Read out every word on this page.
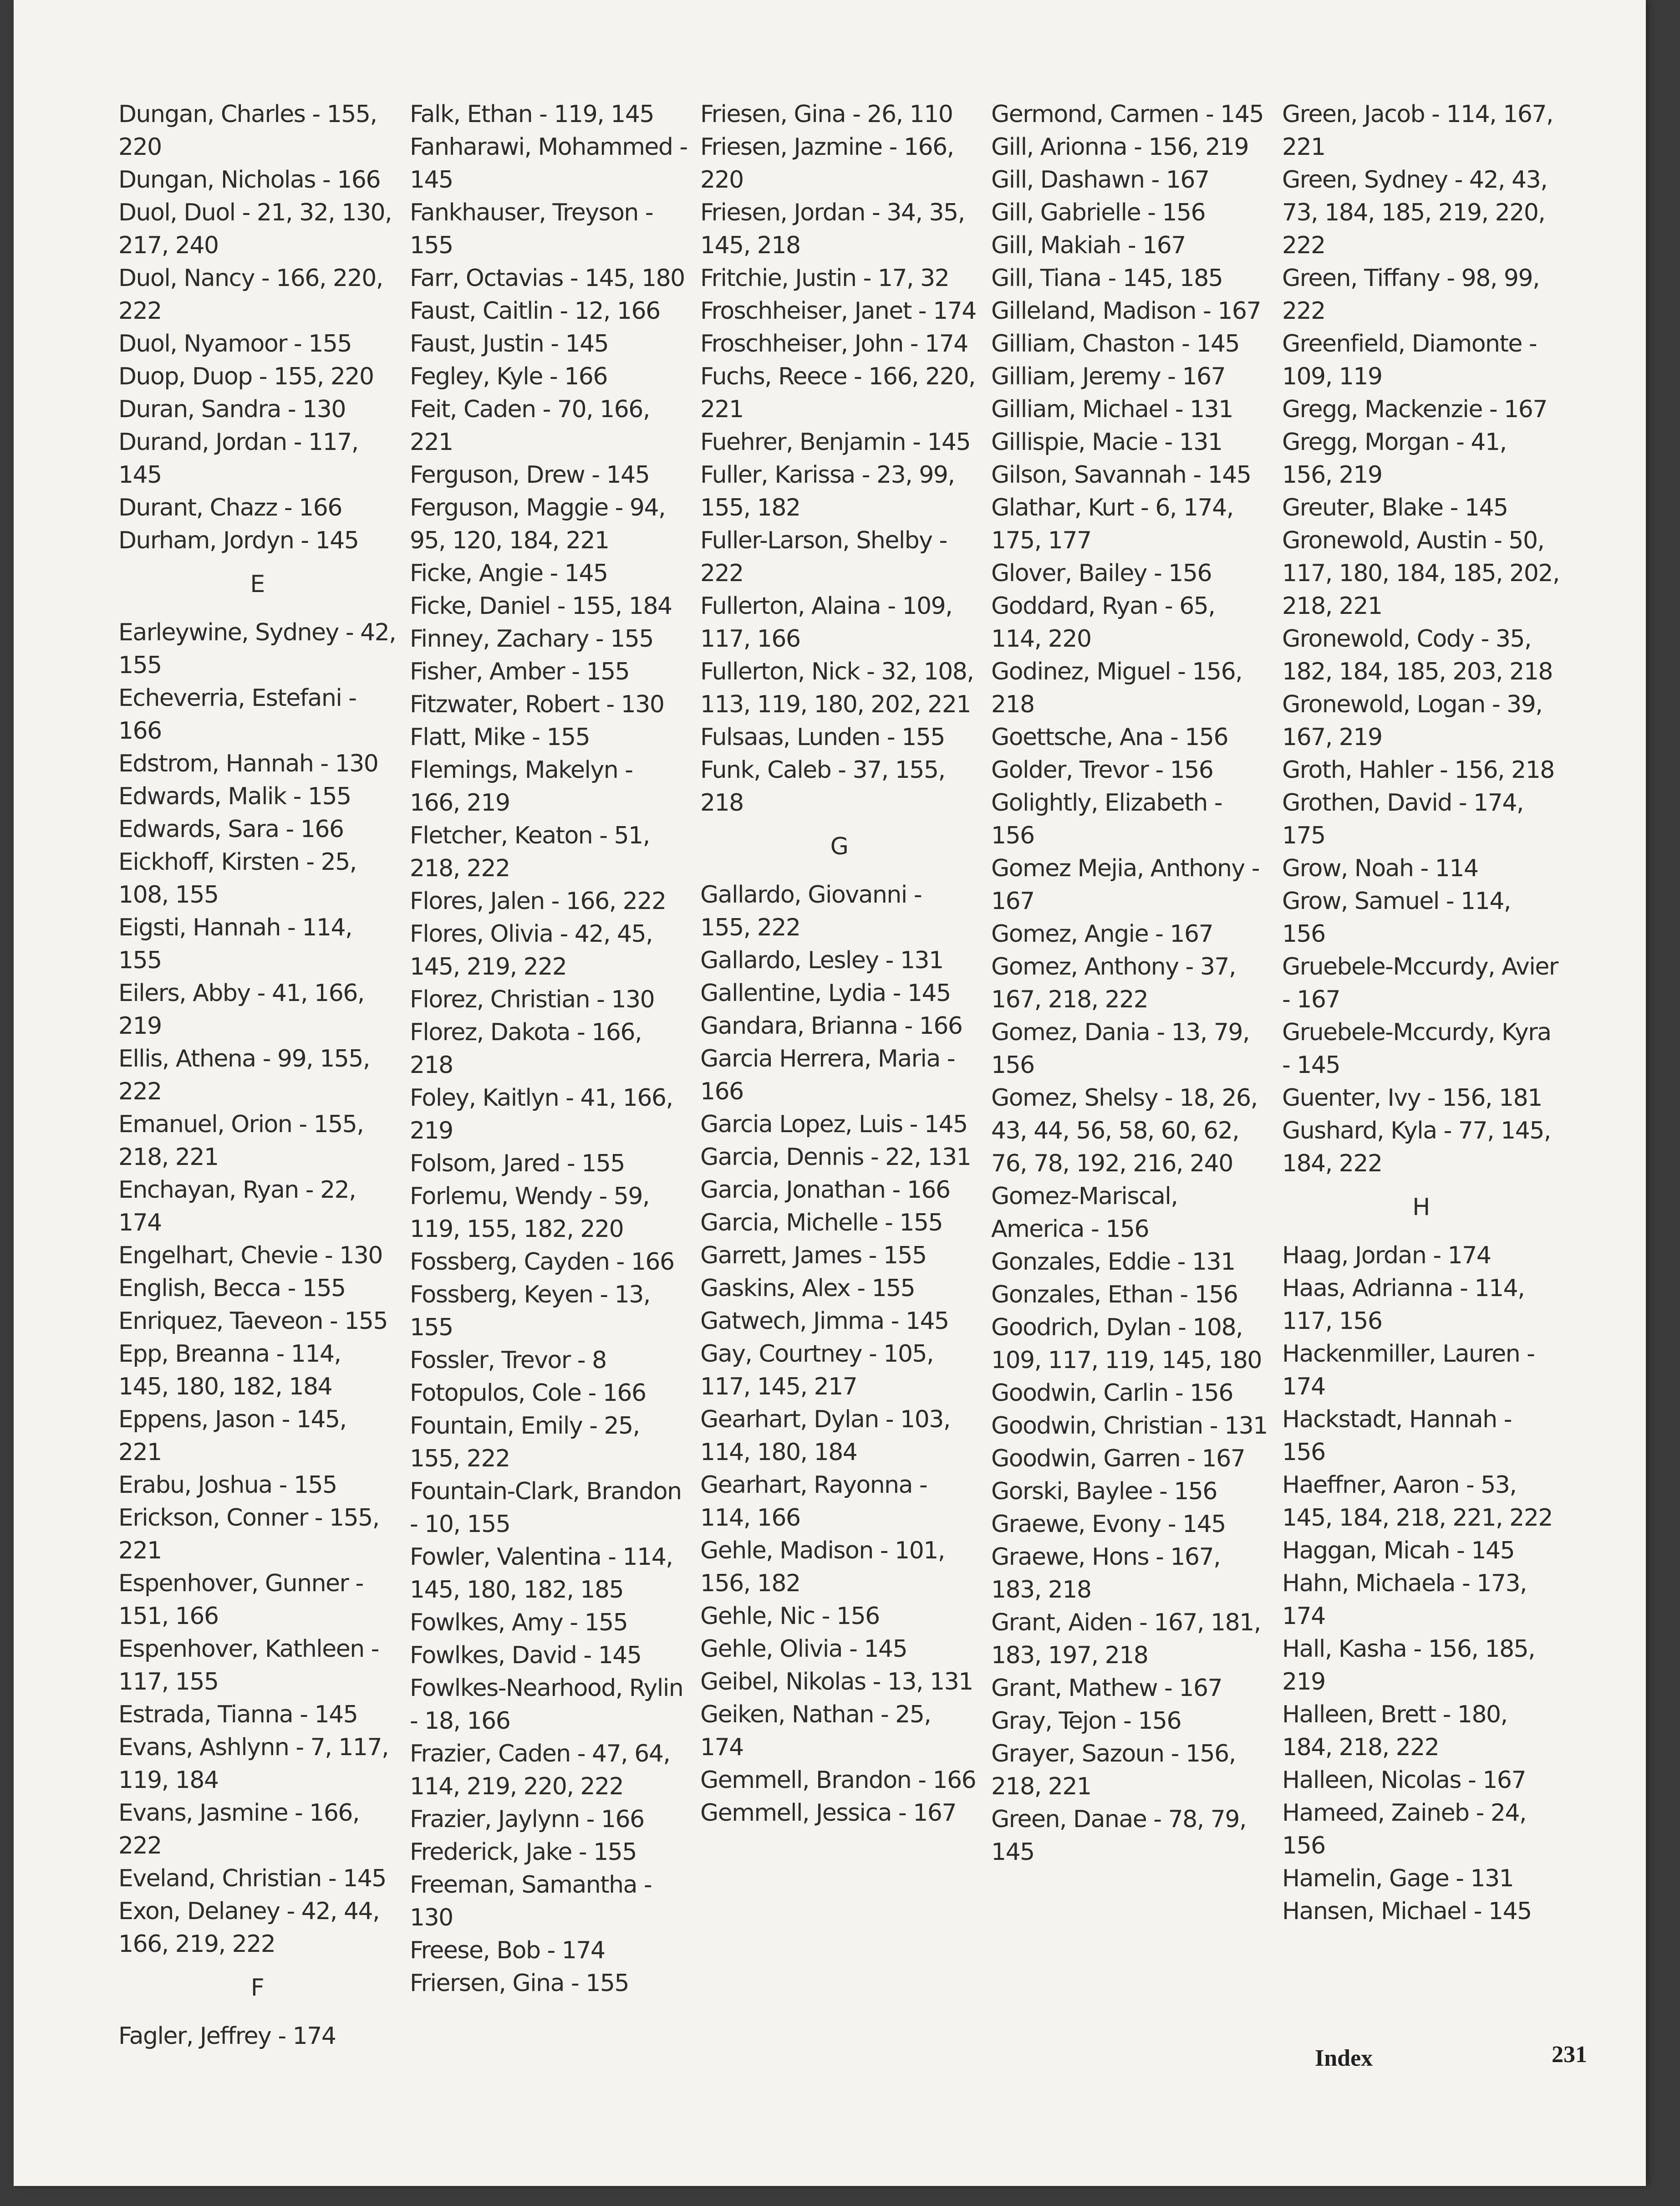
Dungan, Charles - 155, 220
Dungan, Nicholas - 166
Duol, Duol - 21, 32, 130, 217, 240
Duol, Nancy - 166, 220, 222
Duol, Nyamoor - 155
Duop, Duop - 155, 220
Duran, Sandra - 130
Durand, Jordan - 117, 145
Durant, Chazz - 166
Durham, Jordyn - 145
E
Earleywine, Sydney - 42, 155
Echeverria, Estefani - 166
Edstrom, Hannah - 130
Edwards, Malik - 155
Edwards, Sara - 166
Eickhoff, Kirsten - 25, 108, 155
Eigsti, Hannah - 114, 155
Eilers, Abby - 41, 166, 219
Ellis, Athena - 99, 155, 222
Emanuel, Orion - 155, 218, 221
Enchayan, Ryan - 22, 174
Engelhart, Chevie - 130
English, Becca - 155
Enriquez, Taeveon - 155
Epp, Breanna - 114, 145, 180, 182, 184
Eppens, Jason - 145, 221
Erabu, Joshua - 155
Erickson, Conner - 155, 221
Espenhover, Gunner - 151, 166
Espenhover, Kathleen - 117, 155
Estrada, Tianna - 145
Evans, Ashlynn - 7, 117, 119, 184
Evans, Jasmine - 166, 222
Eveland, Christian - 145
Exon, Delaney - 42, 44, 166, 219, 222
F
Fagler, Jeffrey - 174
Falk, Ethan - 119, 145
Fanharawi, Mohammed - 145
Fankhauser, Treyson - 155
Farr, Octavias - 145, 180
Faust, Caitlin - 12, 166
Faust, Justin - 145
Fegley, Kyle - 166
Feit, Caden - 70, 166, 221
Ferguson, Drew - 145
Ferguson, Maggie - 94, 95, 120, 184, 221
Ficke, Angie - 145
Ficke, Daniel - 155, 184
Finney, Zachary - 155
Fisher, Amber - 155
Fitzwater, Robert - 130
Flatt, Mike - 155
Flemings, Makelyn - 166, 219
Fletcher, Keaton - 51, 218, 222
Flores, Jalen - 166, 222
Flores, Olivia - 42, 45, 145, 219, 222
Florez, Christian - 130
Florez, Dakota - 166, 218
Foley, Kaitlyn - 41, 166, 219
Folsom, Jared - 155
Forlemu, Wendy - 59, 119, 155, 182, 220
Fossberg, Cayden - 166
Fossberg, Keyen - 13, 155
Fossler, Trevor - 8
Fotopulos, Cole - 166
Fountain, Emily - 25, 155, 222
Fountain-Clark, Brandon - 10, 155
Fowler, Valentina - 114, 145, 180, 182, 185
Fowlkes, Amy - 155
Fowlkes, David - 145
Fowlkes-Nearhood, Rylin - 18, 166
Frazier, Caden - 47, 64, 114, 219, 220, 222
Frazier, Jaylynn - 166
Frederick, Jake - 155
Freeman, Samantha - 130
Freese, Bob - 174
Friersen, Gina - 155
Friesen, Gina - 26, 110
Friesen, Jazmine - 166, 220
Friesen, Jordan - 34, 35, 145, 218
Fritchie, Justin - 17, 32
Froschheiser, Janet - 174
Froschheiser, John - 174
Fuchs, Reece - 166, 220, 221
Fuehrer, Benjamin - 145
Fuller, Karissa - 23, 99, 155, 182
Fuller-Larson, Shelby - 222
Fullerton, Alaina - 109, 117, 166
Fullerton, Nick - 32, 108, 113, 119, 180, 202, 221
Fulsaas, Lunden - 155
Funk, Caleb - 37, 155, 218
G
Gallardo, Giovanni - 155, 222
Gallardo, Lesley - 131
Gallentine, Lydia - 145
Gandara, Brianna - 166
Garcia Herrera, Maria - 166
Garcia Lopez, Luis - 145
Garcia, Dennis - 22, 131
Garcia, Jonathan - 166
Garcia, Michelle - 155
Garrett, James - 155
Gaskins, Alex - 155
Gatwech, Jimma - 145
Gay, Courtney - 105, 117, 145, 217
Gearhart, Dylan - 103, 114, 180, 184
Gearhart, Rayonna - 114, 166
Gehle, Madison - 101, 156, 182
Gehle, Nic - 156
Gehle, Olivia - 145
Geibel, Nikolas - 13, 131
Geiken, Nathan - 25, 174
Gemmell, Brandon - 166
Gemmell, Jessica - 167
Germond, Carmen - 145
Gill, Arionna - 156, 219
Gill, Dashawn - 167
Gill, Gabrielle - 156
Gill, Makiah - 167
Gill, Tiana - 145, 185
Gilleland, Madison - 167
Gilliam, Chaston - 145
Gilliam, Jeremy - 167
Gilliam, Michael - 131
Gillispie, Macie - 131
Gilson, Savannah - 145
Glathar, Kurt - 6, 174, 175, 177
Glover, Bailey - 156
Goddard, Ryan - 65, 114, 220
Godinez, Miguel - 156, 218
Goettsche, Ana - 156
Golder, Trevor - 156
Golightly, Elizabeth - 156
Gomez Mejia, Anthony - 167
Gomez, Angie - 167
Gomez, Anthony - 37, 167, 218, 222
Gomez, Dania - 13, 79, 156
Gomez, Shelsy - 18, 26, 43, 44, 56, 58, 60, 62, 76, 78, 192, 216, 240
Gomez-Mariscal, America - 156
Gonzales, Eddie - 131
Gonzales, Ethan - 156
Goodrich, Dylan - 108, 109, 117, 119, 145, 180
Goodwin, Carlin - 156
Goodwin, Christian - 131
Goodwin, Garren - 167
Gorski, Baylee - 156
Graewe, Evony - 145
Graewe, Hons - 167, 183, 218
Grant, Aiden - 167, 181, 183, 197, 218
Grant, Mathew - 167
Gray, Tejon - 156
Grayer, Sazoun - 156, 218, 221
Green, Danae - 78, 79, 145
Green, Jacob - 114, 167, 221
Green, Sydney - 42, 43, 73, 184, 185, 219, 220, 222
Green, Tiffany - 98, 99, 222
Greenfield, Diamonte - 109, 119
Gregg, Mackenzie - 167
Gregg, Morgan - 41, 156, 219
Greuter, Blake - 145
Gronewold, Austin - 50, 117, 180, 184, 185, 202, 218, 221
Gronewold, Cody - 35, 182, 184, 185, 203, 218
Gronewold, Logan - 39, 167, 219
Groth, Hahler - 156, 218
Grothen, David - 174, 175
Grow, Noah - 114
Grow, Samuel - 114, 156
Gruebele-Mccurdy, Avier - 167
Gruebele-Mccurdy, Kyra - 145
Guenter, Ivy - 156, 181
Gushard, Kyla - 77, 145, 184, 222
H
Haag, Jordan - 174
Haas, Adrianna - 114, 117, 156
Hackenmiller, Lauren - 174
Hackstadt, Hannah - 156
Haeffner, Aaron - 53, 145, 184, 218, 221, 222
Haggan, Micah - 145
Hahn, Michaela - 173, 174
Hall, Kasha - 156, 185, 219
Halleen, Brett - 180, 184, 218, 222
Halleen, Nicolas - 167
Hameed, Zaineb - 24, 156
Hamelin, Gage - 131
Hansen, Michael - 145
Index	231
